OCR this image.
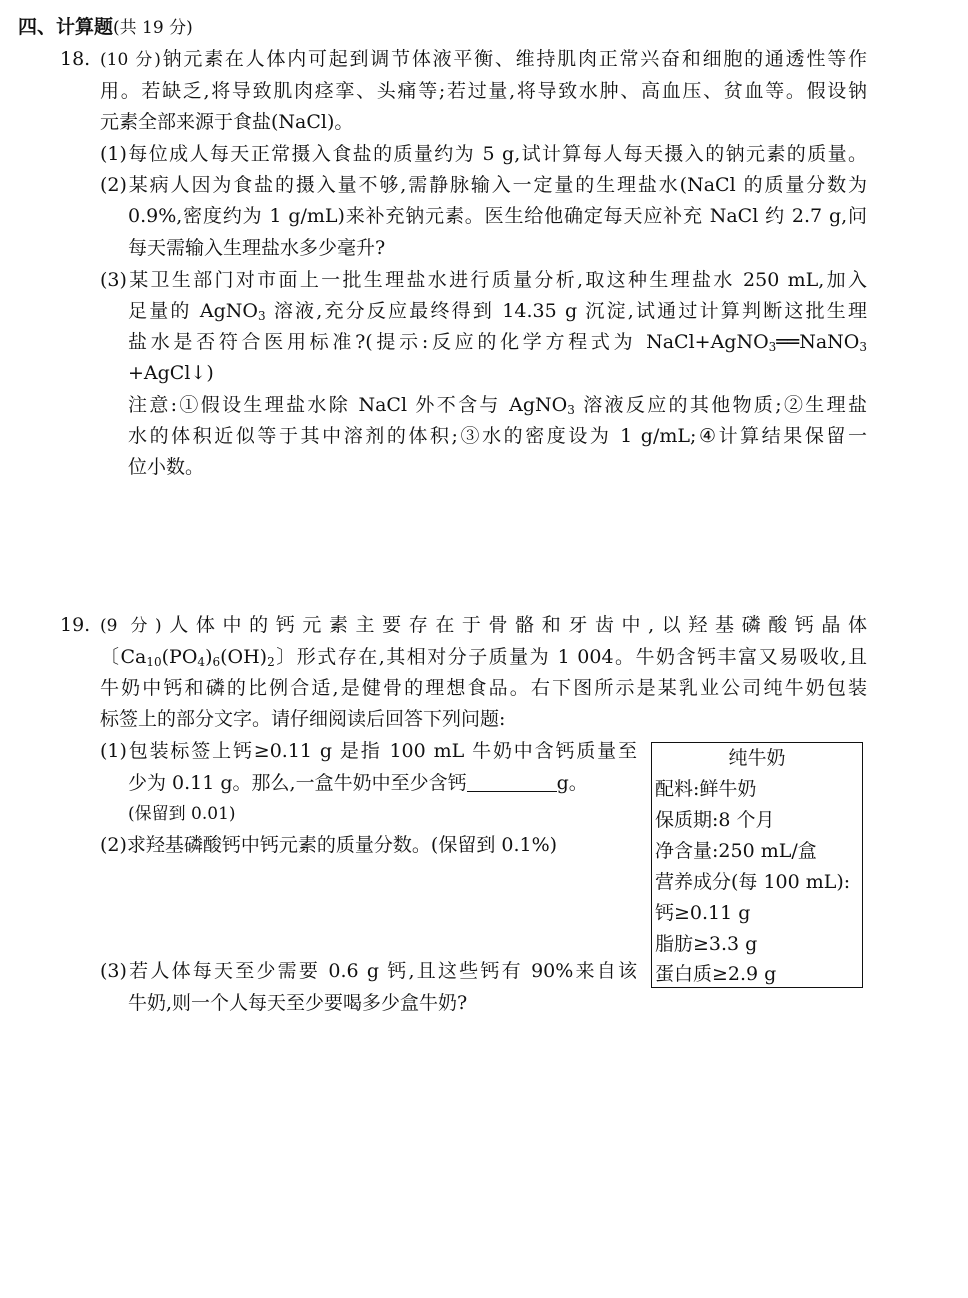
四、计算题(共 19 分)
18. (10 分)钠元素在人体内可起到调节体液平衡、维持肌肉正常兴奋和细胞的通透性等作
用。若缺乏,将导致肌肉痉挛、头痛等;若过量,将导致水肿、高血压、贫血等。假设钠
元素全部来源于食盐(NaCl)。
(1)每位成人每天正常摄入食盐的质量约为 5 g,试计算每人每天摄入的钠元素的质量。
(2)某病人因为食盐的摄入量不够,需静脉输入一定量的生理盐水(NaCl 的质量分数为
0.9%,密度约为 1 g/mL)来补充钠元素。医生给他确定每天应补充 NaCl 约 2.7 g,问
每天需输入生理盐水多少毫升?
(3)某卫生部门对市面上一批生理盐水进行质量分析,取这种生理盐水 250 mL,加入
足量的 AgNO$_3$ 溶液,充分反应最终得到 14.35 g 沉淀,试通过计算判断这批生理
盐水是否符合医用标准?(提示:反应的化学方程式为 NaCl+AgNO$_3$══NaNO$_3$
+AgCl↓)
注意:①假设生理盐水除 NaCl 外不含与 AgNO$_3$ 溶液反应的其他物质;②生理盐
水的体积近似等于其中溶剂的体积;③水的密度设为 1 g/mL;④计算结果保留一
位小数。
19. (9 分)人体中的钙元素主要存在于骨骼和牙齿中,以羟基磷酸钙晶体
〔$Ca_{10}(PO_4)_6(OH)_2$〕形式存在,其相对分子质量为 1 004。牛奶含钙丰富又易吸收,且
牛奶中钙和磷的比例合适,是健骨的理想食品。右下图所示是某乳业公司纯牛奶包装
标签上的部分文字。请仔细阅读后回答下列问题:
(1)包装标签上钙≥0.11 g 是指 100 mL 牛奶中含钙质量至
少为 0.11 g。那么,一盒牛奶中至少含钙	g。
(保留到 0.01)
(2)求羟基磷酸钙中钙元素的质量分数。(保留到 0.1%)
(3)若人体每天至少需要 0.6 g 钙,且这些钙有 90%来自该
牛奶,则一个人每天至少要喝多少盒牛奶?
纯牛奶
配料:鲜牛奶
保质期:8 个月
净含量:250 mL/盒
营养成分(每 100 mL):
钙≥0.11 g
脂肪≥3.3 g
蛋白质≥2.9 g
